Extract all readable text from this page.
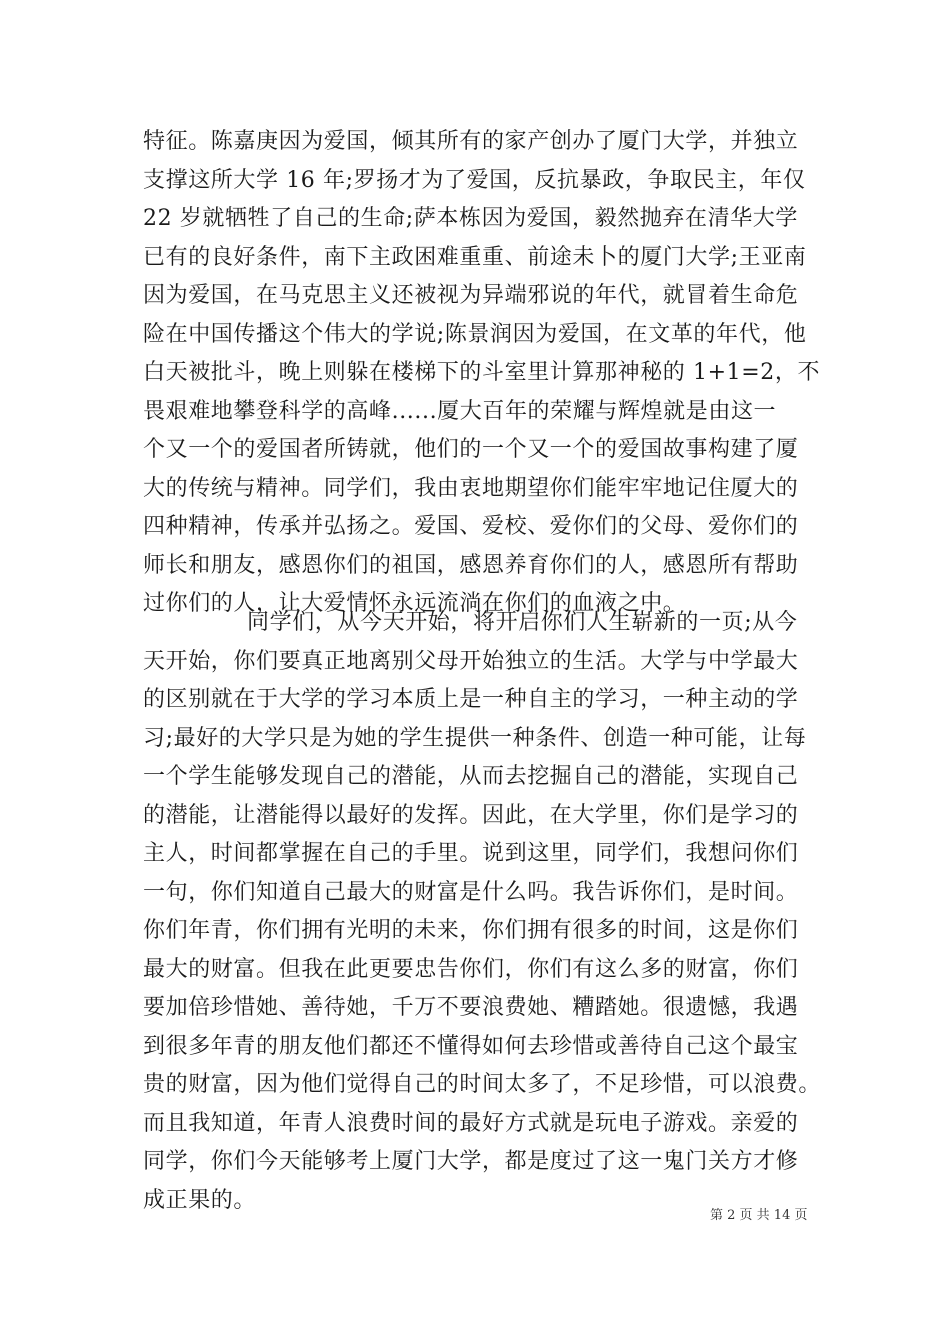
特征。陈嘉庚因为爱国，倾其所有的家产创办了厦门大学，并独立
支撑这所大学 16 年;罗扬才为了爱国，反抗暴政，争取民主，年仅
22 岁就牺牲了自己的生命;萨本栋因为爱国，毅然抛弃在清华大学
已有的良好条件，南下主政困难重重、前途未卜的厦门大学;王亚南
因为爱国，在马克思主义还被视为异端邪说的年代，就冒着生命危
险在中国传播这个伟大的学说;陈景润因为爱国，在文革的年代，他
白天被批斗，晚上则躲在楼梯下的斗室里计算那神秘的 1+1=2，不
畏艰难地攀登科学的高峰......厦大百年的荣耀与辉煌就是由这一
个又一个的爱国者所铸就，他们的一个又一个的爱国故事构建了厦
大的传统与精神。同学们，我由衷地期望你们能牢牢地记住厦大的
四种精神，传承并弘扬之。爱国、爱校、爱你们的父母、爱你们的
师长和朋友，感恩你们的祖国，感恩养育你们的人，感恩所有帮助
过你们的人，让大爱情怀永远流淌在你们的血液之中。
同学们，从今天开始，将开启你们人生崭新的一页;从今
天开始，你们要真正地离别父母开始独立的生活。大学与中学最大
的区别就在于大学的学习本质上是一种自主的学习，一种主动的学
习;最好的大学只是为她的学生提供一种条件、创造一种可能，让每
一个学生能够发现自己的潜能，从而去挖掘自己的潜能，实现自己
的潜能，让潜能得以最好的发挥。因此，在大学里，你们是学习的
主人，时间都掌握在自己的手里。说到这里，同学们，我想问你们
一句，你们知道自己最大的财富是什么吗。我告诉你们，是时间。
你们年青，你们拥有光明的未来，你们拥有很多的时间，这是你们
最大的财富。但我在此更要忠告你们，你们有这么多的财富，你们
要加倍珍惜她、善待她，千万不要浪费她、糟踏她。很遗憾，我遇
到很多年青的朋友他们都还不懂得如何去珍惜或善待自己这个最宝
贵的财富，因为他们觉得自己的时间太多了，不足珍惜，可以浪费。
而且我知道，年青人浪费时间的最好方式就是玩电子游戏。亲爱的
同学，你们今天能够考上厦门大学，都是度过了这一鬼门关方才修
成正果的。
第 2 页 共 14 页
